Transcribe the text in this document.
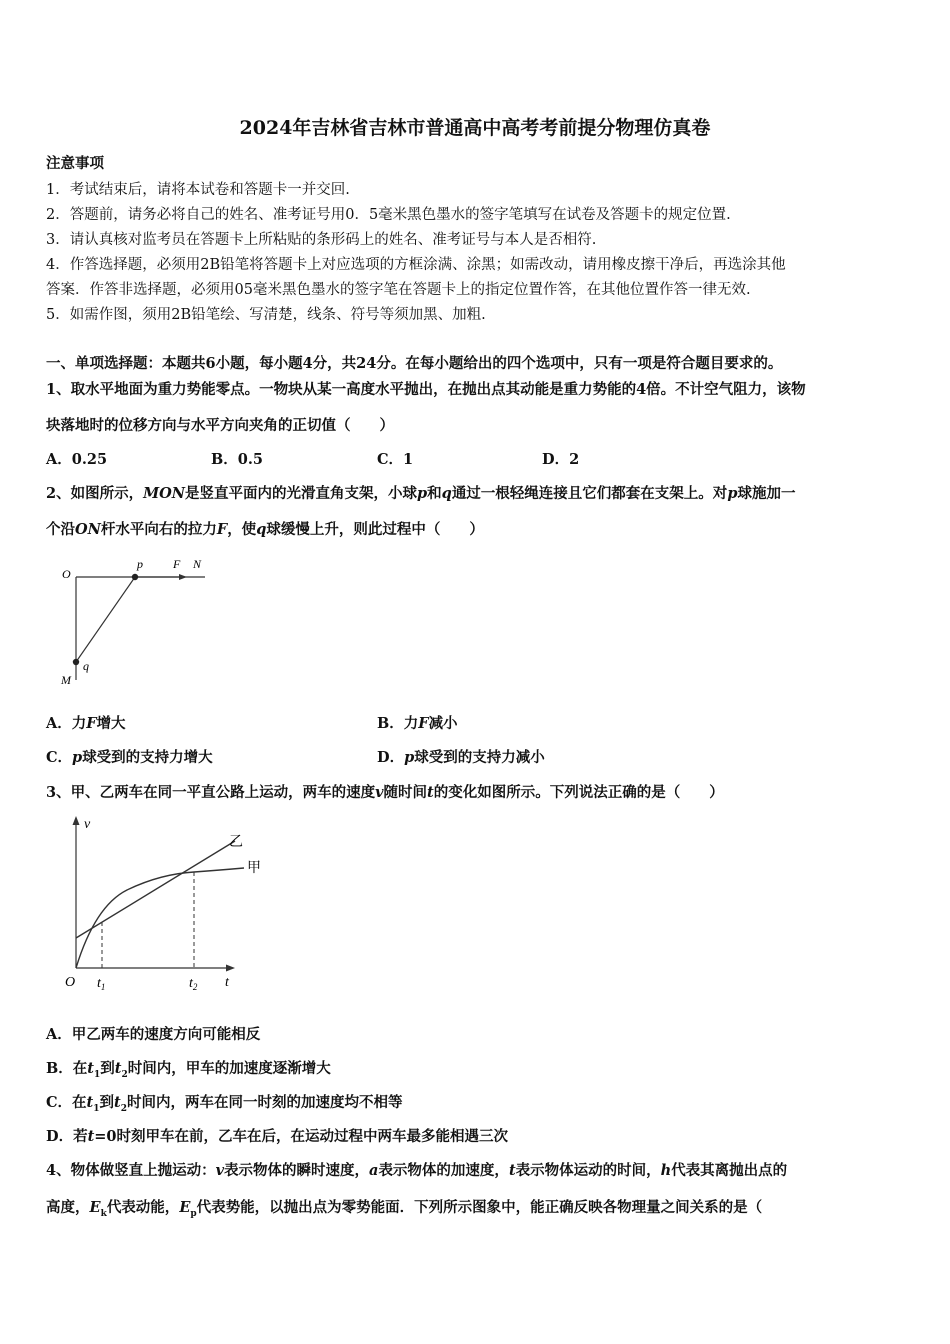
2024年吉林省吉林市普通高中高考考前提分物理仿真卷
注意事项
1．考试结束后，请将本试卷和答题卡一并交回.
2．答题前，请务必将自己的姓名、准考证号用0．5毫米黑色墨水的签字笔填写在试卷及答题卡的规定位置.
3．请认真核对监考员在答题卡上所粘贴的条形码上的姓名、准考证号与本人是否相符.
4．作答选择题，必须用2B铅笔将答题卡上对应选项的方框涂满、涂黑；如需改动，请用橡皮擦干净后，再选涂其他
答案．作答非选择题，必须用05毫米黑色墨水的签字笔在答题卡上的指定位置作答，在其他位置作答一律无效.
5．如需作图，须用2B铅笔绘、写清楚，线条、符号等须加黑、加粗.
一、单项选择题：本题共6小题，每小题4分，共24分。在每小题给出的四个选项中，只有一项是符合题目要求的。
1、取水平地面为重力势能零点。一物块从某一高度水平抛出，在抛出点其动能是重力势能的4倍。不计空气阻力，该物
块落地时的位移方向与水平方向夹角的正切值（　　）
A．0.25	B．0.5	C．1	D．2
2、如图所示，MON是竖直平面内的光滑直角支架，小球p和q通过一根轻绳连接且它们都套在支架上。对p球施加一
个沿ON杆水平向右的拉力F，使q球缓慢上升，则此过程中（　　）
O
p	F N
q
M
A．力F增大	B．力F减小
C．p球受到的支持力增大	D．p球受到的支持力减小
3、甲、乙两车在同一平直公路上运动，两车的速度v随时间t的变化如图所示。下列说法正确的是（　　）
v
t
O $t_1$	$t_2$
乙
甲
A．甲乙两车的速度方向可能相反
B．在$t_1$到$t_2$时间内，甲车的加速度逐渐增大
C．在$t_1$到$t_2$时间内，两车在同一时刻的加速度均不相等
D．若t=0时刻甲车在前，乙车在后，在运动过程中两车最多能相遇三次
4、物体做竖直上抛运动：v表示物体的瞬时速度，a表示物体的加速度，t表示物体运动的时间，h代表其离抛出点的
高度，$E_k$代表动能，$E_p$代表势能，以抛出点为零势能面．下列所示图象中，能正确反映各物理量之间关系的是（
